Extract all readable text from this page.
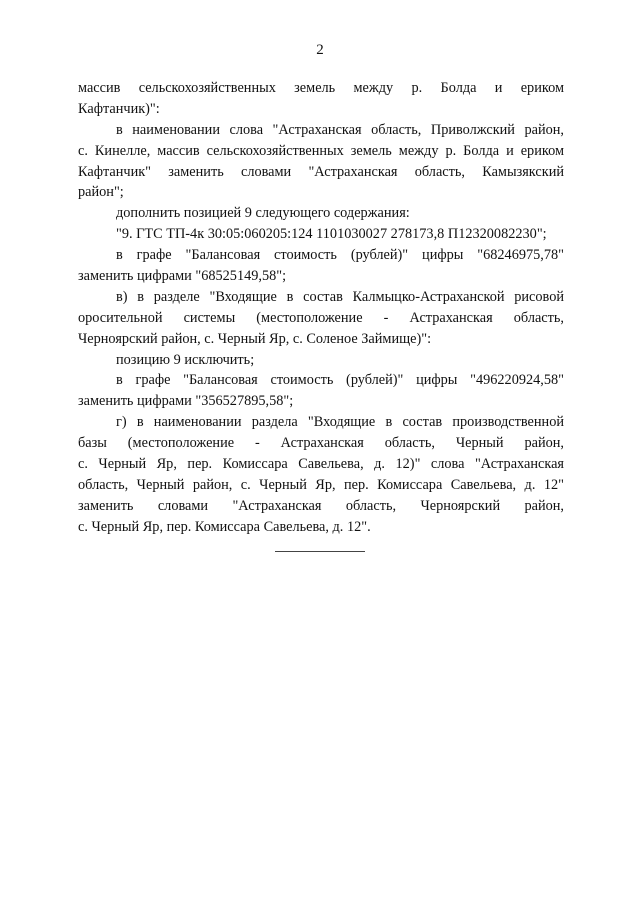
2
массив сельскохозяйственных земель между р. Болда и ериком
Кафтанчик)":
в наименовании слова "Астраханская область, Приволжский район,
с. Кинелле, массив сельскохозяйственных земель между р. Болда и ериком
Кафтанчик" заменить словами "Астраханская область, Камызякский
район";
дополнить позицией 9 следующего содержания:
"9. ГТС ТП-4к 30:05:060205:124 1101030027 278173,8 П12320082230";
в графе "Балансовая стоимость (рублей)" цифры "68246975,78"
заменить цифрами "68525149,58";
в) в разделе "Входящие в состав Калмыцко-Астраханской рисовой
оросительной системы (местоположение - Астраханская область,
Черноярский район, с. Черный Яр, с. Соленое Займище)":
позицию 9 исключить;
в графе "Балансовая стоимость (рублей)" цифры "496220924,58"
заменить цифрами "356527895,58";
г) в наименовании раздела "Входящие в состав производственной
базы (местоположение - Астраханская область, Черный район,
с. Черный Яр, пер. Комиссара Савельева, д. 12)" слова "Астраханская
область, Черный район, с. Черный Яр, пер. Комиссара Савельева, д. 12"
заменить словами "Астраханская область, Черноярский район,
с. Черный Яр, пер. Комиссара Савельева, д. 12".
